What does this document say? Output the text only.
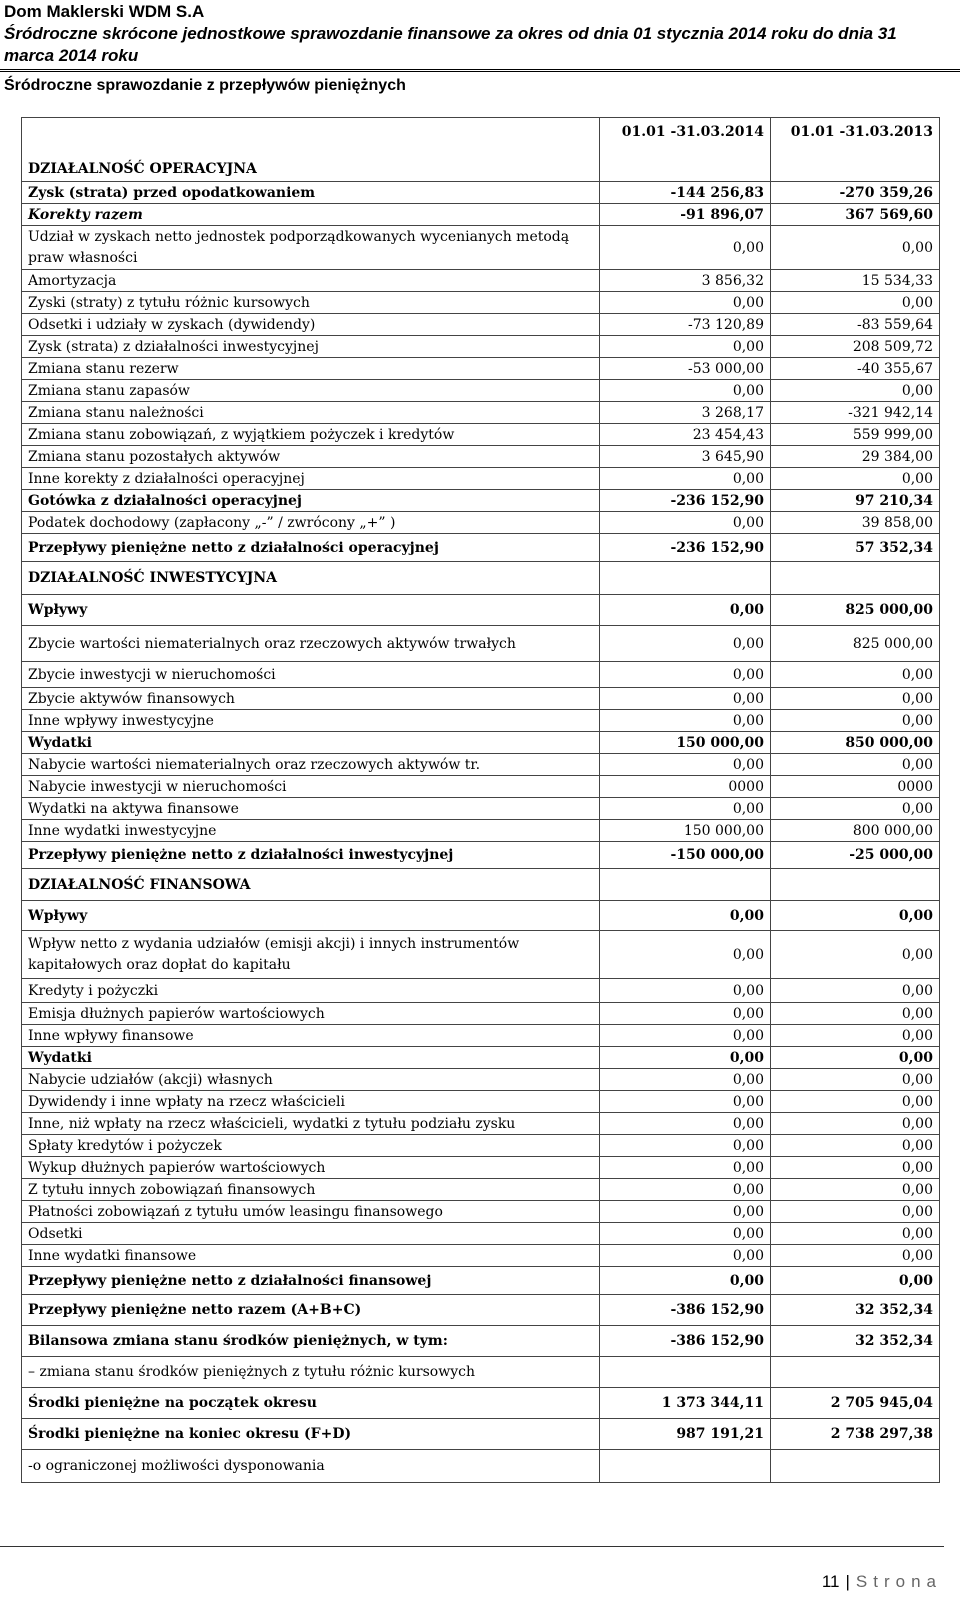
Dom Maklerski WDM S.A
Śródroczne skrócone jednostkowe sprawozdanie finansowe za okres od dnia 01 stycznia 2014 roku do dnia 31 marca 2014 roku
Śródroczne sprawozdanie z przepływów pieniężnych
DZIAŁALNOŚĆ OPERACYJNA	01.01 -31.03.2014	01.01 -31.03.2013
Zysk (strata) przed opodatkowaniem	-144 256,83	-270 359,26
Korekty razem	-91 896,07	367 569,60
Udział w zyskach netto jednostek podporządkowanych wycenianych metodą praw własności	0,00	0,00
Amortyzacja	3 856,32	15 534,33
Zyski (straty) z tytułu różnic kursowych	0,00	0,00
Odsetki i udziały w zyskach (dywidendy)	-73 120,89	-83 559,64
Zysk (strata) z działalności inwestycyjnej	0,00	208 509,72
Zmiana stanu rezerw	-53 000,00	-40 355,67
Zmiana stanu zapasów	0,00	0,00
Zmiana stanu należności	3 268,17	-321 942,14
Zmiana stanu zobowiązań, z wyjątkiem pożyczek i kredytów	23 454,43	559 999,00
Zmiana stanu pozostałych aktywów	3 645,90	29 384,00
Inne korekty z działalności operacyjnej	0,00	0,00
Gotówka z działalności operacyjnej	-236 152,90	97 210,34
Podatek dochodowy (zapłacony „-” / zwrócony „+” )	0,00	39 858,00
Przepływy pieniężne netto z działalności operacyjnej	-236 152,90	57 352,34
DZIAŁALNOŚĆ INWESTYCYJNA		
Wpływy	0,00	825 000,00
Zbycie wartości niematerialnych oraz rzeczowych aktywów trwałych	0,00	825 000,00
Zbycie inwestycji w nieruchomości	0,00	0,00
Zbycie aktywów finansowych	0,00	0,00
Inne wpływy inwestycyjne	0,00	0,00
Wydatki	150 000,00	850 000,00
Nabycie wartości niematerialnych oraz rzeczowych aktywów tr.	0,00	0,00
Nabycie inwestycji w nieruchomości	0000	0000
Wydatki na aktywa finansowe	0,00	0,00
Inne wydatki inwestycyjne	150 000,00	800 000,00
Przepływy pieniężne netto z działalności inwestycyjnej	-150 000,00	-25 000,00
DZIAŁALNOŚĆ FINANSOWA		
Wpływy	0,00	0,00
Wpływ netto z wydania udziałów (emisji akcji) i innych instrumentów kapitałowych oraz dopłat do kapitału	0,00	0,00
Kredyty i pożyczki	0,00	0,00
Emisja dłużnych papierów wartościowych	0,00	0,00
Inne wpływy finansowe	0,00	0,00
Wydatki	0,00	0,00
Nabycie udziałów (akcji) własnych	0,00	0,00
Dywidendy i inne wpłaty na rzecz właścicieli	0,00	0,00
Inne, niż wpłaty na rzecz właścicieli, wydatki z tytułu podziału zysku	0,00	0,00
Spłaty kredytów i pożyczek	0,00	0,00
Wykup dłużnych papierów wartościowych	0,00	0,00
Z tytułu innych zobowiązań finansowych	0,00	0,00
Płatności zobowiązań z tytułu umów leasingu finansowego	0,00	0,00
Odsetki	0,00	0,00
Inne wydatki finansowe	0,00	0,00
Przepływy pieniężne netto z działalności finansowej	0,00	0,00
Przepływy pieniężne netto razem (A+B+C)	-386 152,90	32 352,34
Bilansowa zmiana stanu środków pieniężnych, w tym:	-386 152,90	32 352,34
– zmiana stanu środków pieniężnych z tytułu różnic kursowych		
Środki pieniężne na początek okresu	1 373 344,11	2 705 945,04
Środki pieniężne na koniec okresu (F+D)	987 191,21	2 738 297,38
-o ograniczonej możliwości dysponowania		
11 | Strona
